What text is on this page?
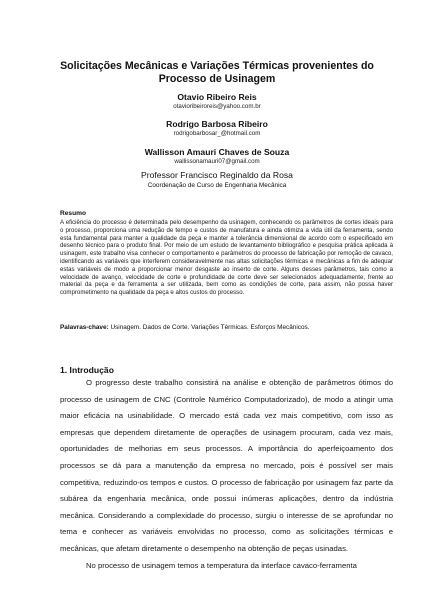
Solicitações Mecânicas e Variações Térmicas provenientes do Processo de Usinagem
Otavio Ribeiro Reis
otavioribeiroreis@yahoo.com.br
Rodrigo Barbosa Ribeiro
rodrigobarbosar_@hotmail.com
Wallisson Amauri Chaves de Souza
wallissonamauri07@gmail.com
Professor Francisco Reginaldo da Rosa
Coordenação de Curso de Engenharia Mecânica
Resumo
A eficiência do processo é determinada pelo desempenho da usinagem, conhecendo os parâmetros de cortes ideais para o processo, proporciona uma redução de tempo e custos de manufatura e ainda otimiza a vida útil da ferramenta, sendo esta fundamental para manter a qualidade da peça e manter a tolerância dimensional de acordo com o especificado em desenho técnico para o produto final. Por meio de um estudo de levantamento bibliográfico e pesquisa prática aplicada à usinagem, este trabalho visa conhecer o comportamento e parâmetros do processo de fabricação por remoção de cavaco, identificando as variáveis que interferem consideravelmente nas altas solicitações térmicas e mecânicas a fim de adequar estas variáveis de modo a proporcionar menor desgaste ao inserto de corte. Alguns desses parâmetros, tais como a velocidade de avanço, velocidade de corte e profundidade de corte deve ser selecionados adequadamente, frente ao material da peça e da ferramenta a ser utilizada, bem como as condições de corte, para assim, não possa haver comprometimento na qualidade da peça e altos custos do processo.
Palavras-chave: Usinagem. Dados de Corte. Variações Térmicas. Esforços Mecânicos.
1. Introdução

O progresso deste trabalho consistirá na análise e obtenção de parâmetros ótimos do processo de usinagem de CNC (Controle Numérico Computadorizado), de modo a atingir uma maior eficácia na usinabilidade. O mercado está cada vez mais competitivo, com isso as empresas que dependem diretamente de operações de usinagem procuram, cada vez mais, oportunidades de melhorias em seus processos. A importância do aperfeiçoamento dos processos se dá para a manutenção da empresa no mercado, pois é possível ser mais competitiva, reduzindo-os tempos e custos. O processo de fabricação por usinagem faz parte da subárea da engenharia mecânica, onde possui inúmeras aplicações, dentro da indústria mecânica. Considerando a complexidade do processo, surgiu o interesse de se aprofundar no tema e conhecer as variáveis envolvidas no processo, como as solicitações térmicas e mecânicas, que afetam diretamente o desempenho na obtenção de peças usinadas.

No processo de usinagem temos a temperatura da interface cavaco-ferramenta
